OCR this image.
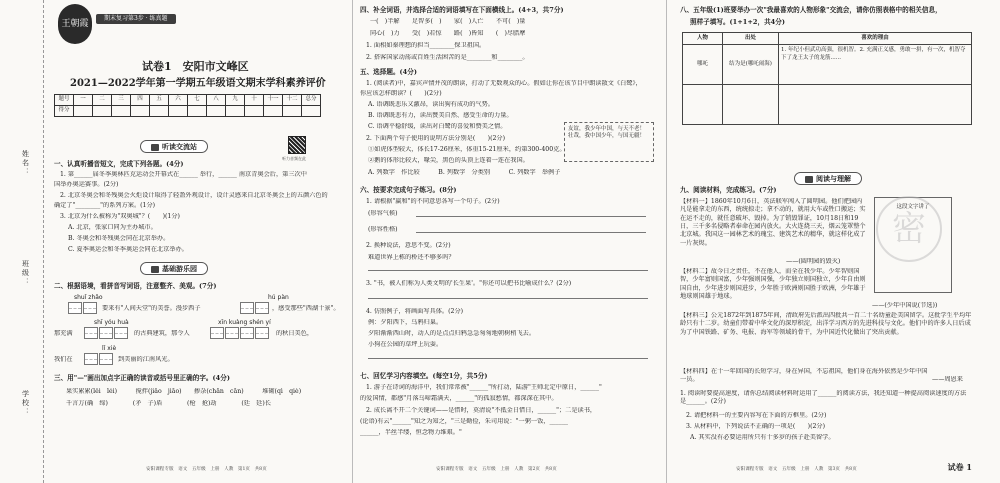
姓名：
班级：
学校：
王朝霞
期末复习第3步 · 练真题
试卷1　安阳市文峰区
2021—2022学年第一学期五年级语文期末学科素养评价
题号	一	二	三	四	五	六	七	八	九	十	十一	十二	总分
得分													
听读交流站
听力音频在此
一、认真听播音短文，完成下列各题。(4分)
1. 第______届冬季奥林匹克运动会开幕式在______ 举行，______ 南京青奥会后，第三次中
国举办奥运赛事。(2分)
2. 北京冬奥会和冬残奥会火炬设计取得了轻盈外观设计，设计灵感来自北京冬奥会上的五颜六色的
确定了"________"的系列方案。(1分)
3. 北京为什么被称为"双奥城"？(　　)(1分)
A. 北京，张家口同为主办城市。
B. 冬奥会和冬残奥会同在北京举办。
C. 夏季奥运会和冬季奥运会同在北京举办。
基础游乐园
二、根据语境，看拼音写词语，注意整齐、美观。(7分)
shuǐ zhǎo	hú pàn
要来有"人间天堂"的美誉。漫步西子	，感受那些"西湖十景"。
shī yóu huà	xīn kuàng shén yí
那充满	的古典建筑，那令人	的秋日美色，
lǐ xiè
我们在	到美丽的江南风光。
三、用"—"画出加点字正确的读音或括号里正确的字。(4分)
果实累累(lěi　léi)　　　搅拌(jiǎo　jiāo)　　掺杂(chān　cān)　　　堆砌(qì　qiè)
千言万(确　缔)　　　　(矛　子)盾　　　　(枪　抢)劫　　　　(廷　廷)长
安阳课程专版　语文　五年级　上册　人教　第1页　共8页
四、补全词语，并选择合适的词语填写在下面横线上。(4+3，共7分)
一(　)半解　　足智多(　)　　家(　)人亡　　不可(　)量
同心(　)力　　受(　)若惊　　路(　)皆知　　(　)尽腊摩
1. 面相如秦理想的担当________保卫祖国。
2. 搭客国家动荡或百姓生活困苦的是________和________。
五、选择题。(4分)
1. (阅读者)中，嘉宾声情并茂的朗读，打动了无数观众的心。假如让你在该节目中朗读散文《白鹭》，
你应该怎样朗读？(　　)(2分)
A. 语调既悲乐又激昂，读出狗有成功的气势。
B. 语调既悲有力，读出赞美自然、感受生命的力量。
C. 语调平稳舒缓，读出对白鹭的喜爱和赞美之情。
2. 下面两个句子使用的说明方法分别是(　　)(2分)
①如虎体型较大，体长17-26厘米，体重15-21厘米，约第300-400克。
②鹅的体形比较大，喙尖，黑色的头顶上连着一连在我国。
A. 列数字　作比较　　　B. 列数字　分类别　　　C. 列数字　举例子
友谊，我少年中国，与天不老！壮哉，我中国少年，与国无疆！
六、按要求完成句子练习。(8分)
1. 请根据"赢和"的不同意思各写一个句子。(2分)
(形容气候)
(形容性格)
2. 换种说法，意思不变。(2分)
难道世界上栋的桥还不够多吗？
3. "书，被人们称为人类文明的'长生果'。"你还可以把书比喻成什么？(2分)
4. 仿照例子，将画面写具体。(2分)
例：夕阳西下，乌鸦归巢。
夕阳渐渐西山时，动人的是点点归鸦急急匆匆地朝树梢飞去。
小狗在公园的草坪上玩耍。
七、回忆学习内容填空。(每空1分，共5分)
1. 游子在诗词的海洋中，我们常常被"______"所打动，陆游"王师北定中原日，______"
的爱国情，都感"月落乌啼霜满天，______"的孤寂愁情，都深深在其中。
2. 成长离不开二个关键词——是惜时，莫清说"不抵金日惜日，______"；二是读书，
(论语)有云"______"知之为知之，"三是勤俭，朱司用说："一粥一饭，______
______，半丝半缕，恒念物力维艰。"
安阳课程专版　语文　五年级　上册　人教　第2页　共8页
八、五年级(1)班要举办一次"我最喜欢的人物形象"交流会，请你仿照表格中的相关信息，
照样子填写。(1+1+2，共4分)
人物	出处	喜欢的理由
哪吒	结为是(哪吒闹海)	1. 年纪小但武功高强，很机智。2. 充满正义感，勇敢一拼，有一次，机智夺下了龙王太子的龙筋......

阅读与理解
九、阅读材料，完成练习。(7分)
【材料一】1860年10月6日，英法联军闯入了圆明园。他们把园内凡是能拿走的东西，统统掠走；拿不动的，就用大车或牲口搬运；实在运不走的，就任意破坏、毁掉。为了销毁罪证，10月18日和19日，三千多名侵略者奉命在园内放火。大火连烧三天，烟云笼罩整个北京城。我国这一园林艺术的瑰宝、建筑艺术的精华，就这样化成了一片灰烬。
——(圆明园的毁灭)
【材料二】故今日之责任，不在他人，而全在我少年。少年智则国智，少年富则国富，少年强则国强，少年独立则国独立，少年自由则国自由，少年进步则国进步，少年胜于欧洲则国胜于欧洲，少年雄于地球则国雄于地球。
——(少年中国说(节选))
【材料三】公元1872年到1875年间，清政府先后派出四批共一百二十名幼童赴美国留学。这批学生平均年龄只有十二岁。幼童们带着中华文化的深厚积淀，出洋学习西方的先进科技与文化。他们中的许多人日后成为了中国铁路、矿务、电报、海军等领域的骨干，为中国近代化做出了突出贡献。
【材料四】在十一年回国的长短学习，身在异国，不忘祖国，他们身在海外依然是少年中国一员。	——周恩来
这段文字讲了
密
1. 阅读时要提高速度，请你总结阅读材料时运用了______的阅读方法，我还知道一种提高阅读速度的方法是______。(2分)
2. 请把材料一的主要内容写在下面的方框里。(2分)
3. 从材料中，下列说法不正确的一项是(　　)(2分)
A. 其实没有必要运用所只有十多岁的孩子赴美留学。
安阳课程专版　语文　五年级　上册　人教　第3页　共8页	试卷 1
